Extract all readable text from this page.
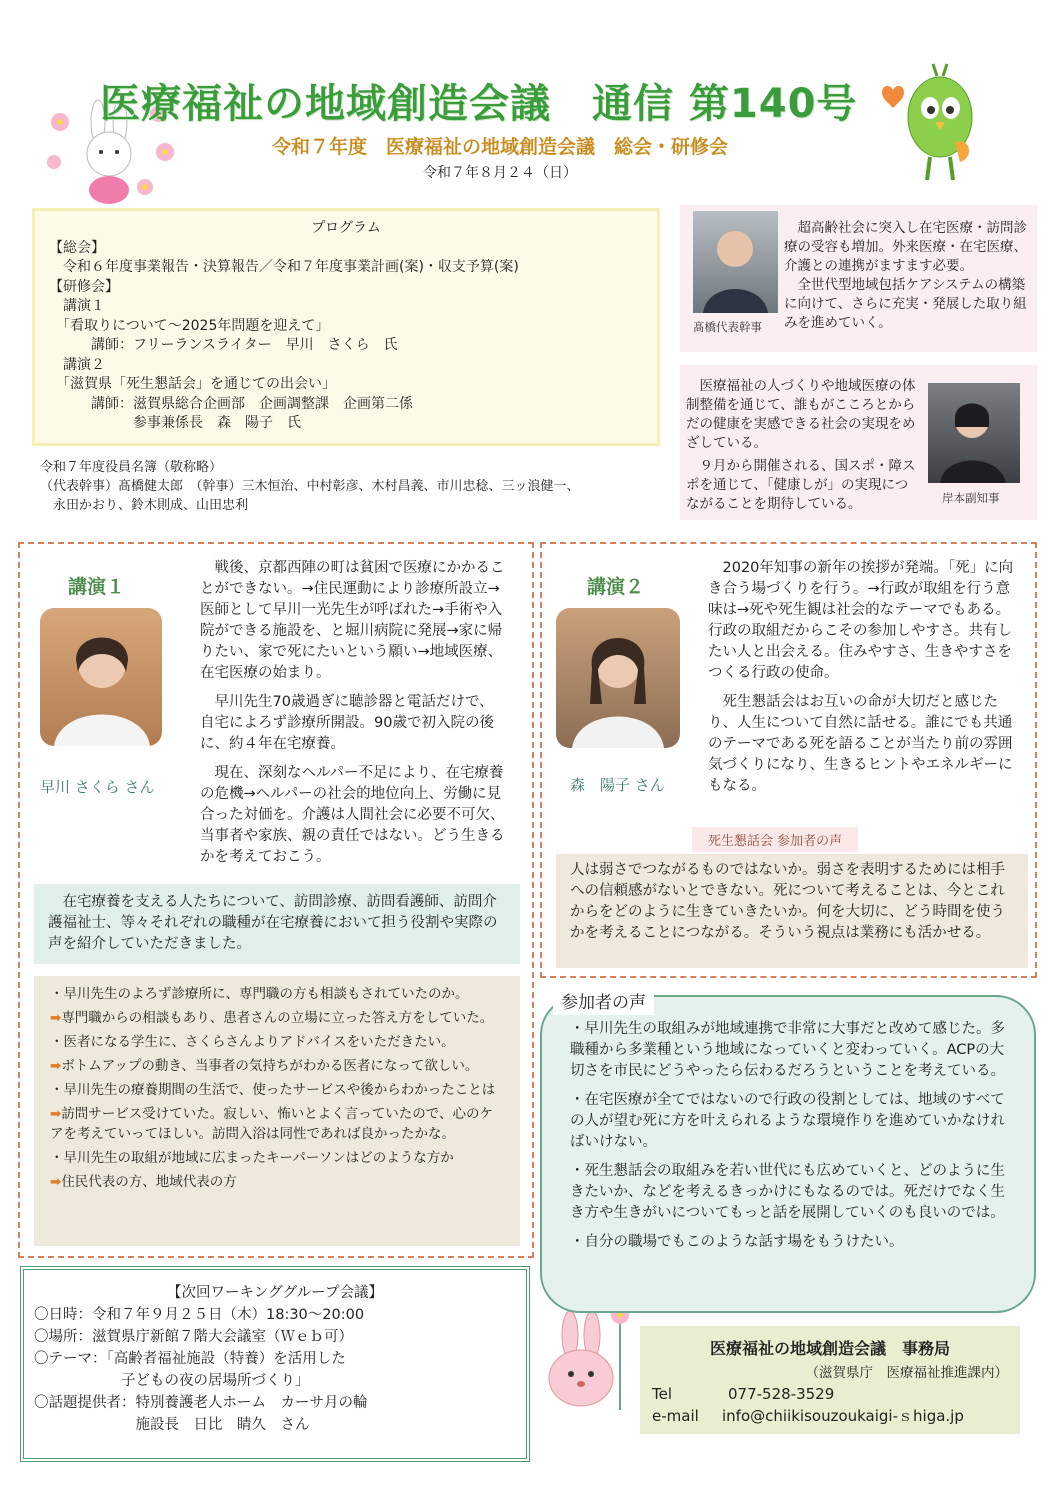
医療福祉の地域創造会議　通信 第140号
令和７年度　医療福祉の地域創造会議　総会・研修会
令和７年８月２４（日）
プログラム
【総会】
　令和６年度事業報告・決算報告／令和７年度事業計画(案)・収支予算(案)
【研修会】
　講演１
　「看取りについて～2025年問題を迎えて」
　　　講師：フリーランスライター　早川　さくら　氏
　講演２
　「滋賀県「死生懇話会」を通じての出会い」
　　　講師：滋賀県総合企画部　企画調整課　企画第二係
　　　　　　参事兼係長　森　陽子　氏
令和７年度役員名簿（敬称略）
（代表幹事）髙橋健太郎　（幹事）三木恒治、中村彰彦、木村昌義、市川忠稔、三ッ浪健一、
　永田かおり、鈴木則成、山田忠利
髙橋代表幹事

超高齢社会に突入し在宅医療・訪問診療の受容も増加。外来医療・在宅医療、介護との連携がますます必要。

全世代型地域包括ケアシステムの構築に向けて、さらに充実・発展した取り組みを進めていく。

医療福祉の人づくりや地域医療の体制整備を通じて、誰もがこころとからだの健康を実感できる社会の実現をめざしている。

９月から開催される、国スポ・障スポを通じて、「健康しが」の実現につながることを期待している。	岸本副知事
講演１
早川 さくら さん

戦後、京都西陣の町は貧困で医療にかかることができない。→住民運動により診療所設立→医師として早川一光先生が呼ばれた→手術や入院ができる施設を、と堀川病院に発展→家に帰りたい、家で死にたいという願い→地域医療、在宅医療の始まり。

早川先生70歳過ぎに聴診器と電話だけで、自宅によろず診療所開設。90歳で初入院の後に、約４年在宅療養。

現在、深刻なヘルパー不足により、在宅療養の危機→ヘルパーの社会的地位向上、労働に見合った対価を。介護は人間社会に必要不可欠、当事者や家族、親の責任ではない。どう生きるかを考えておこう。

在宅療養を支える人たちについて、訪問診療、訪問看護師、訪問介護福祉士、等々それぞれの職種が在宅療養において担う役割や実際の声を紹介していただきました。

・早川先生のよろず診療所に、専門職の方も相談もされていたのか。
➡専門職からの相談もあり、患者さんの立場に立った答え方をしていた。
・医者になる学生に、さくらさんよりアドバイスをいただきたい。
➡ボトムアップの動き、当事者の気持ちがわかる医者になって欲しい。
・早川先生の療養期間の生活で、使ったサービスや後からわかったことは
➡訪問サービス受けていた。寂しい、怖いとよく言っていたので、心のケアを考えていってほしい。訪問入浴は同性であれば良かったかな。
・早川先生の取組が地域に広まったキーパーソンはどのような方か
➡住民代表の方、地域代表の方
講演２
森　陽子 さん

2020年知事の新年の挨拶が発端。「死」に向き合う場づくりを行う。→行政が取組を行う意味は→死や死生観は社会的なテーマでもある。行政の取組だからこその参加しやすさ。共有したい人と出会える。住みやすさ、生きやすさをつくる行政の使命。

死生懇話会はお互いの命が大切だと感じたり、人生について自然に話せる。誰にでも共通のテーマである死を語ることが当たり前の雰囲気づくりになり、生きるヒントやエネルギーにもなる。

死生懇話会 参加者の声

人は弱さでつながるものではないか。弱さを表明するためには相手への信頼感がないとできない。死について考えることは、今とこれからをどのように生きていきたいか。何を大切に、どう時間を使うかを考えることにつながる。そういう視点は業務にも活かせる。

・早川先生の取組みが地域連携で非常に大事だと改めて感じた。多職種から多業種という地域になっていくと変わっていく。ACPの大切さを市民にどうやったら伝わるだろうということを考えている。

・在宅医療が全てではないので行政の役割としては、地域のすべての人が望む死に方を叶えられるような環境作りを進めていかなければいけない。

・死生懇話会の取組みを若い世代にも広めていくと、どのように生きたいか、などを考えるきっかけにもなるのでは。死だけでなく生き方や生きがいについてもっと話を展開していくのも良いのでは。

・自分の職場でもこのような話す場をもうけたい。

参加者の声
【次回ワーキンググループ会議】
〇日時：令和７年９月２５日（木）18:30～20:00
〇場所：滋賀県庁新館７階大会議室（Ｗｅｂ可）
〇テーマ：「高齢者福祉施設（特養）を活用した
　　　　　　子どもの夜の居場所づくり」
〇話題提供者：特別養護老人ホーム　カーサ月の輪
　　　　　　　施設長　日比　睛久　さん
医療福祉の地域創造会議　事務局
（滋賀県庁　医療福祉推進課内）
Tel	077-528-3529
e-mail info@chiikisouzoukaigi-ｓhiga.jp
